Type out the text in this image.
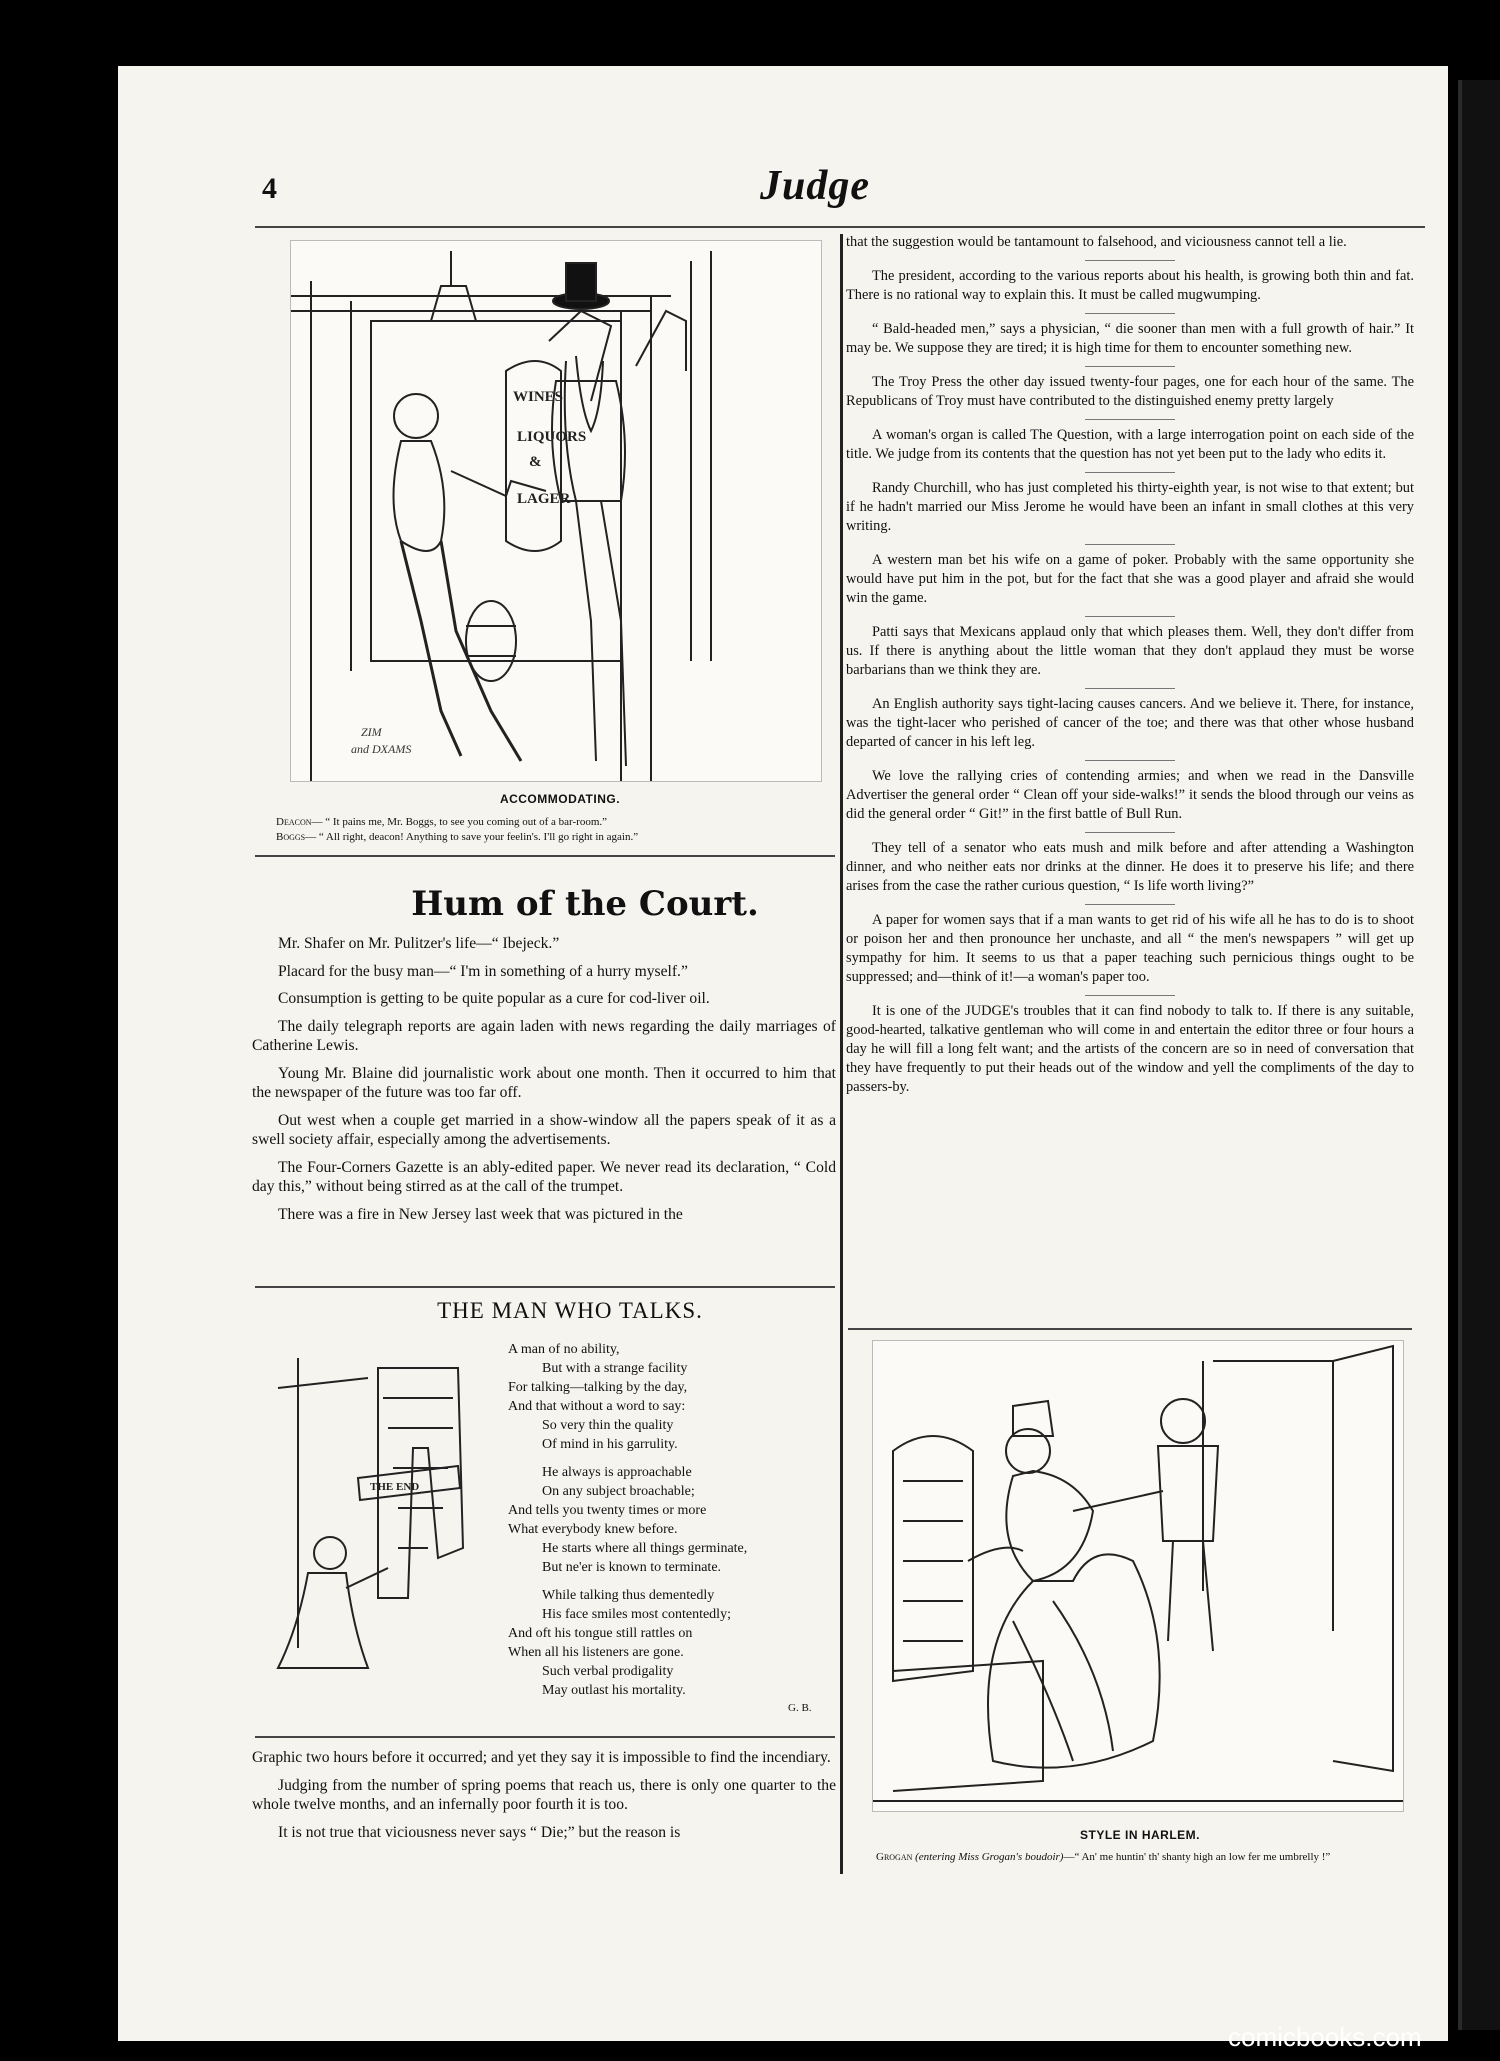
4	Judge
WINES
LIQUORS
&
LAGER
ZIM
and DXAMS
ACCOMMODATING.
Deacon— “ It pains me, Mr. Boggs, to see you coming out of a bar-room.”
Boggs— “ All right, deacon! Anything to save your feelin's. I'll go right in again.”
Hum of the Court.

Mr. Shafer on Mr. Pulitzer's life—“ Ibejeck.”

Placard for the busy man—“ I'm in something of a hurry myself.”

Consumption is getting to be quite popular as a cure for cod-liver oil.

The daily telegraph reports are again laden with news regarding the daily marriages of Catherine Lewis.

Young Mr. Blaine did journalistic work about one month. Then it occurred to him that the newspaper of the future was too far off.

Out west when a couple get married in a show-window all the papers speak of it as a swell society affair, especially among the advertisements.

The Four-Corners Gazette is an ably-edited paper. We never read its declaration, “ Cold day this,” without being stirred as at the call of the trumpet.

There was a fire in New Jersey last week that was pictured in the

THE MAN WHO TALKS.
THE END
A man of no ability,
But with a strange facility
For talking—talking by the day,
And that without a word to say:
So very thin the quality
Of mind in his garrulity.
He always is approachable
On any subject broachable;
And tells you twenty times or more
What everybody knew before.
He starts where all things germinate,
But ne'er is known to terminate.
While talking thus dementedly
His face smiles most contentedly;
And oft his tongue still rattles on
When all his listeners are gone.
Such verbal prodigality
May outlast his mortality.
G. B.

Graphic two hours before it occurred; and yet they say it is impossible to find the incendiary.

Judging from the number of spring poems that reach us, there is only one quarter to the whole twelve months, and an infernally poor fourth it is too.

It is not true that viciousness never says “ Die;” but the reason is

that the suggestion would be tantamount to falsehood, and viciousness cannot tell a lie.

The president, according to the various reports about his health, is growing both thin and fat. There is no rational way to explain this. It must be called mugwumping.

“ Bald-headed men,” says a physician, “ die sooner than men with a full growth of hair.” It may be. We suppose they are tired; it is high time for them to encounter something new.

The Troy Press the other day issued twenty-four pages, one for each hour of the same. The Republicans of Troy must have contributed to the distinguished enemy pretty largely

A woman's organ is called The Question, with a large interrogation point on each side of the title. We judge from its contents that the question has not yet been put to the lady who edits it.

Randy Churchill, who has just completed his thirty-eighth year, is not wise to that extent; but if he hadn't married our Miss Jerome he would have been an infant in small clothes at this very writing.

A western man bet his wife on a game of poker. Probably with the same opportunity she would have put him in the pot, but for the fact that she was a good player and afraid she would win the game.

Patti says that Mexicans applaud only that which pleases them. Well, they don't differ from us. If there is anything about the little woman that they don't applaud they must be worse barbarians than we think they are.

An English authority says tight-lacing causes cancers. And we believe it. There, for instance, was the tight-lacer who perished of cancer of the toe; and there was that other whose husband departed of cancer in his left leg.

We love the rallying cries of contending armies; and when we read in the Dansville Advertiser the general order “ Clean off your side-walks!” it sends the blood through our veins as did the general order “ Git!” in the first battle of Bull Run.

They tell of a senator who eats mush and milk before and after attending a Washington dinner, and who neither eats nor drinks at the dinner. He does it to preserve his life; and there arises from the case the rather curious question, “ Is life worth living?”

A paper for women says that if a man wants to get rid of his wife all he has to do is to shoot or poison her and then pronounce her unchaste, and all “ the men's newspapers ” will get up sympathy for him. It seems to us that a paper teaching such pernicious things ought to be suppressed; and—think of it!—a woman's paper too.

It is one of the JUDGE's troubles that it can find nobody to talk to. If there is any suitable, good-hearted, talkative gentleman who will come in and entertain the editor three or four hours a day he will fill a long felt want; and the artists of the concern are so in need of conversation that they have frequently to put their heads out of the window and yell the compliments of the day to passers-by.

STYLE IN HARLEM.
Grogan (entering Miss Grogan's boudoir)—“ An' me huntin' th' shanty high an low fer me umbrelly !”
comicbooks.com
